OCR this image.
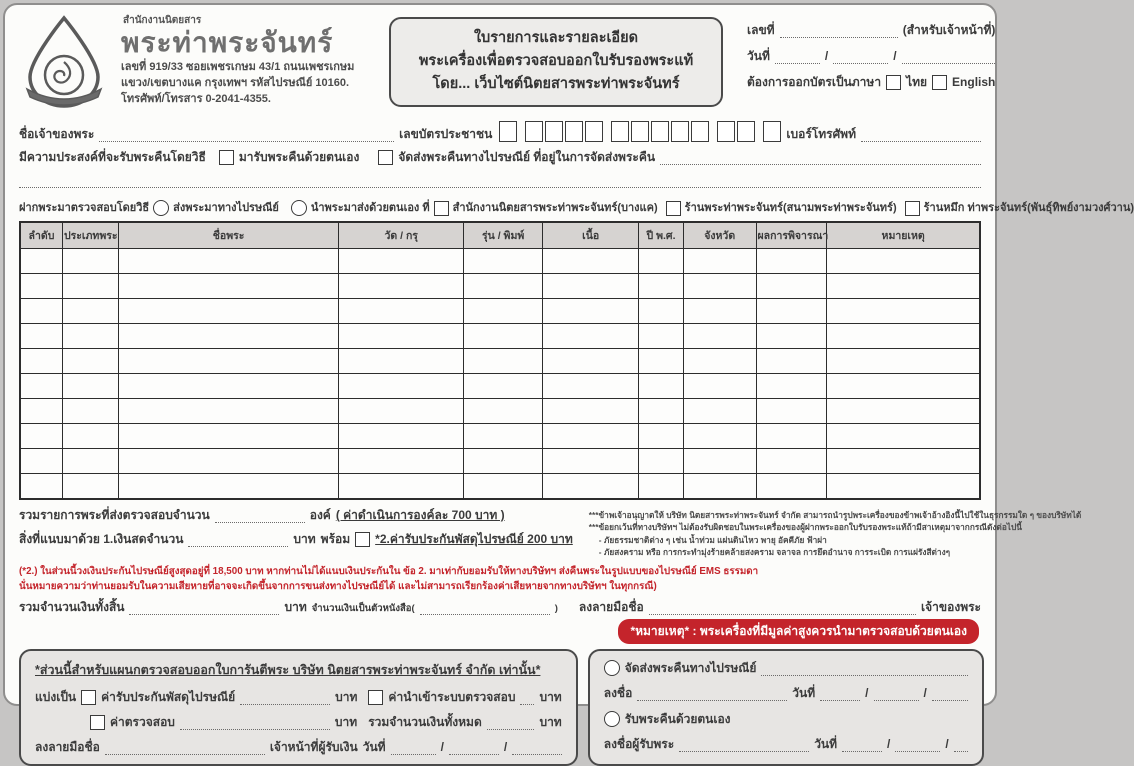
สำนักงานนิตยสาร
พระท่าพระจันทร์
เลขที่ 919/33 ซอยเพชรเกษม 43/1 ถนนเพชรเกษม
แขวง/เขตบางแค กรุงเทพฯ รหัสไปรษณีย์ 10160.
โทรศัพท์/โทรสาร 0-2041-4355.
ใบรายการและรายละเอียด
พระเครื่องเพื่อตรวจสอบออกใบรับรองพระแท้
โดย... เว็บไซต์นิตยสารพระท่าพระจันทร์
เลขที่	(สำหรับเจ้าหน้าที่)
วันที่	/	/
ต้องการออกบัตรเป็นภาษา ไทย English
ชื่อเจ้าของพระ	เลขบัตรประชาชน	เบอร์โทรศัพท์
มีความประสงค์ที่จะรับพระคืนโดยวิธี	มารับพระคืนด้วยตนเอง	จัดส่งพระคืนทางไปรษณีย์ ที่อยู่ในการจัดส่งพระคืน
ฝากพระมาตรวจสอบโดยวิธี ส่งพระมาทางไปรษณีย์	นำพระมาส่งด้วยตนเอง ที่ สำนักงานนิตยสารพระท่าพระจันทร์(บางแค) ร้านพระท่าพระจันทร์(สนามพระท่าพระจันทร์) ร้านหมึก ท่าพระจันทร์(พันธุ์ทิพย์งามวงศ์วาน)
ลำดับ	ประเภทพระ	ชื่อพระ	วัด / กรุ	รุ่น / พิมพ์	เนื้อ	ปี พ.ศ.	จังหวัด	ผลการพิจารณา	หมายเหตุ

รวมรายการพระที่ส่งตรวจสอบจำนวน	องค์ ( ค่าดำเนินการองค์ละ 700 บาท )
สิ่งที่แนบมาด้วย 1.เงินสดจำนวน	บาท พร้อม *2.ค่ารับประกันพัสดุไปรษณีย์ 200 บาท
***ข้าพเจ้าอนุญาตให้ บริษัท นิตยสารพระท่าพระจันทร์ จำกัด สามารถนำรูปพระเครื่องของข้าพเจ้าอ้างอิงนี้ไปใช้ในธุรกรรมใด ๆ ของบริษัทได้
***ข้อยกเว้นที่ทางบริษัทฯ ไม่ต้องรับผิดชอบในพระเครื่องของผู้ฝากพระออกใบรับรองพระแท้ถ้ามีสาเหตุมาจากกรณีดังต่อไปนี้
- ภัยธรรมชาติต่าง ๆ เช่น น้ำท่วม แผ่นดินไหว พายุ อัคคีภัย ฟ้าผ่า
- ภัยสงคราม หรือ การกระทำมุ่งร้ายคล้ายสงคราม จลาจล การยึดอำนาจ การระเบิด การแผ่รังสีต่างๆ
(*2.) ในส่วนนี้วงเงินประกันไปรษณีย์สูงสุดอยู่ที่ 18,500 บาท หากท่านไม่ได้แนบเงินประกันใน ข้อ 2. มาเท่ากับยอมรับให้ทางบริษัทฯ ส่งคืนพระในรูปแบบของไปรษณีย์ EMS ธรรมดา
นั่นหมายความว่าท่านยอมรับในความเสียหายที่อาจจะเกิดขึ้นจากการขนส่งทางไปรษณีย์ได้ และไม่สามารถเรียกร้องค่าเสียหายจากทางบริษัทฯ ในทุกกรณี)
รวมจำนวนเงินทั้งสิ้น	บาท จำนวนเงินเป็นตัวหนังสือ(	) ลงลายมือชื่อ	เจ้าของพระ
*หมายเหตุ* : พระเครื่องที่มีมูลค่าสูงควรนำมาตรวจสอบด้วยตนเอง
*ส่วนนี้สำหรับแผนกตรวจสอบออกใบการันตีพระ บริษัท นิตยสารพระท่าพระจันทร์ จำกัด เท่านั้น*
แบ่งเป็น ค่ารับประกันพัสดุไปรษณีย์	บาท	ค่านำเข้าระบบตรวจสอบ บาท
ค่าตรวจสอบ	บาท รวมจำนวนเงินทั้งหมด	บาท
ลงลายมือชื่อ	เจ้าหน้าที่ผู้รับเงิน วันที่	/	/
จัดส่งพระคืนทางไปรษณีย์
ลงชื่อ	วันที่	/	/
รับพระคืนด้วยตนเอง
ลงชื่อผู้รับพระ	วันที่	/	/
